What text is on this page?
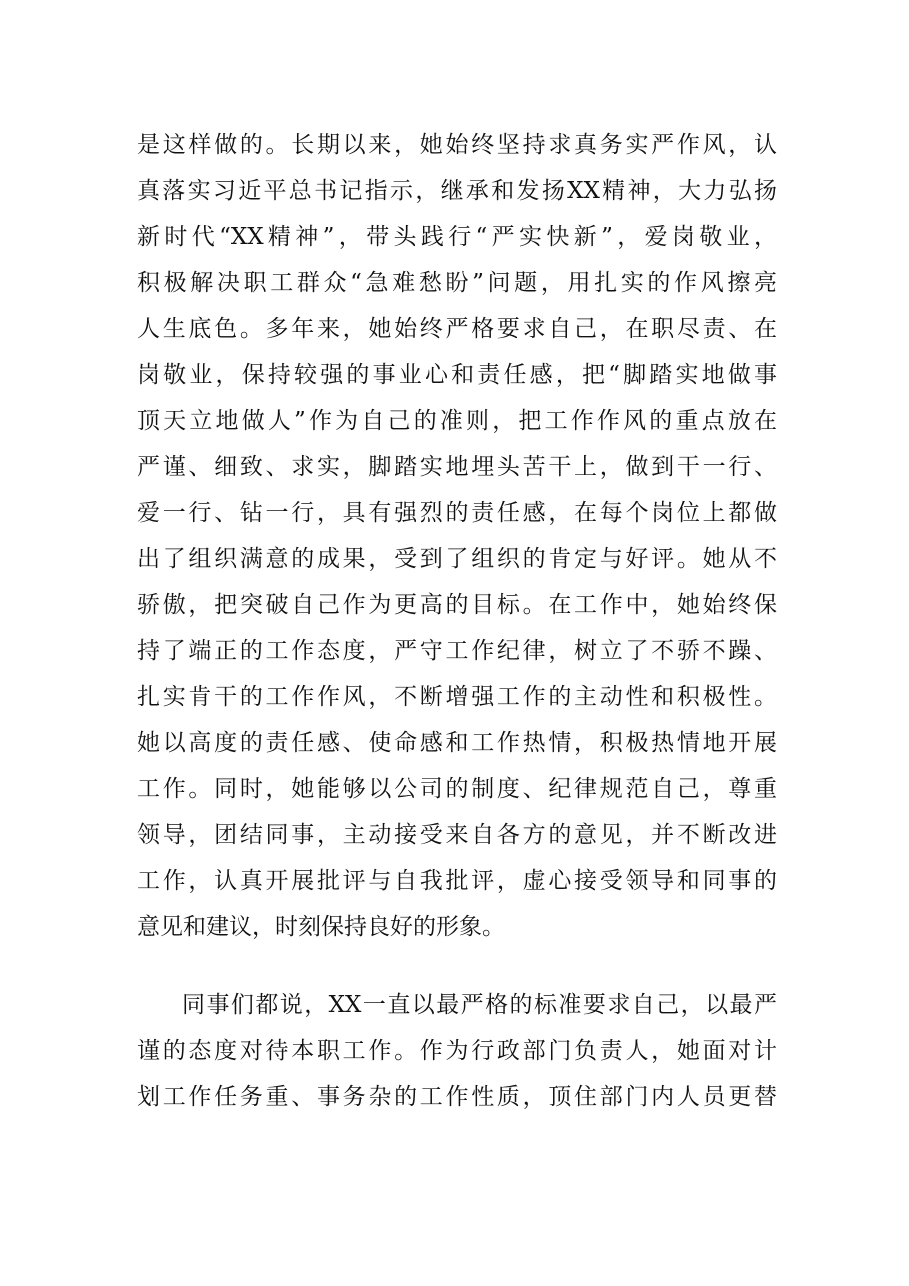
是这样做的。长期以来，她始终坚持求真务实严作风，认
真落实习近平总书记指示，继承和发扬XX精神，大力弘扬
新时代“XX精神”，带头践行“严实快新”，爱岗敬业，
积极解决职工群众“急难愁盼”问题，用扎实的作风擦亮
人生底色。多年来，她始终严格要求自己，在职尽责、在
岗敬业，保持较强的事业心和责任感，把“脚踏实地做事
顶天立地做人”作为自己的准则，把工作作风的重点放在
严谨、细致、求实，脚踏实地埋头苦干上，做到干一行、
爱一行、钻一行，具有强烈的责任感，在每个岗位上都做
出了组织满意的成果，受到了组织的肯定与好评。她从不
骄傲，把突破自己作为更高的目标。在工作中，她始终保
持了端正的工作态度，严守工作纪律，树立了不骄不躁、
扎实肯干的工作作风，不断增强工作的主动性和积极性。
她以高度的责任感、使命感和工作热情，积极热情地开展
工作。同时，她能够以公司的制度、纪律规范自己，尊重
领导，团结同事，主动接受来自各方的意见，并不断改进
工作，认真开展批评与自我批评，虚心接受领导和同事的
意见和建议，时刻保持良好的形象。
同事们都说，XX一直以最严格的标准要求自己，以最严
谨的态度对待本职工作。作为行政部门负责人，她面对计
划工作任务重、事务杂的工作性质，顶住部门内人员更替
